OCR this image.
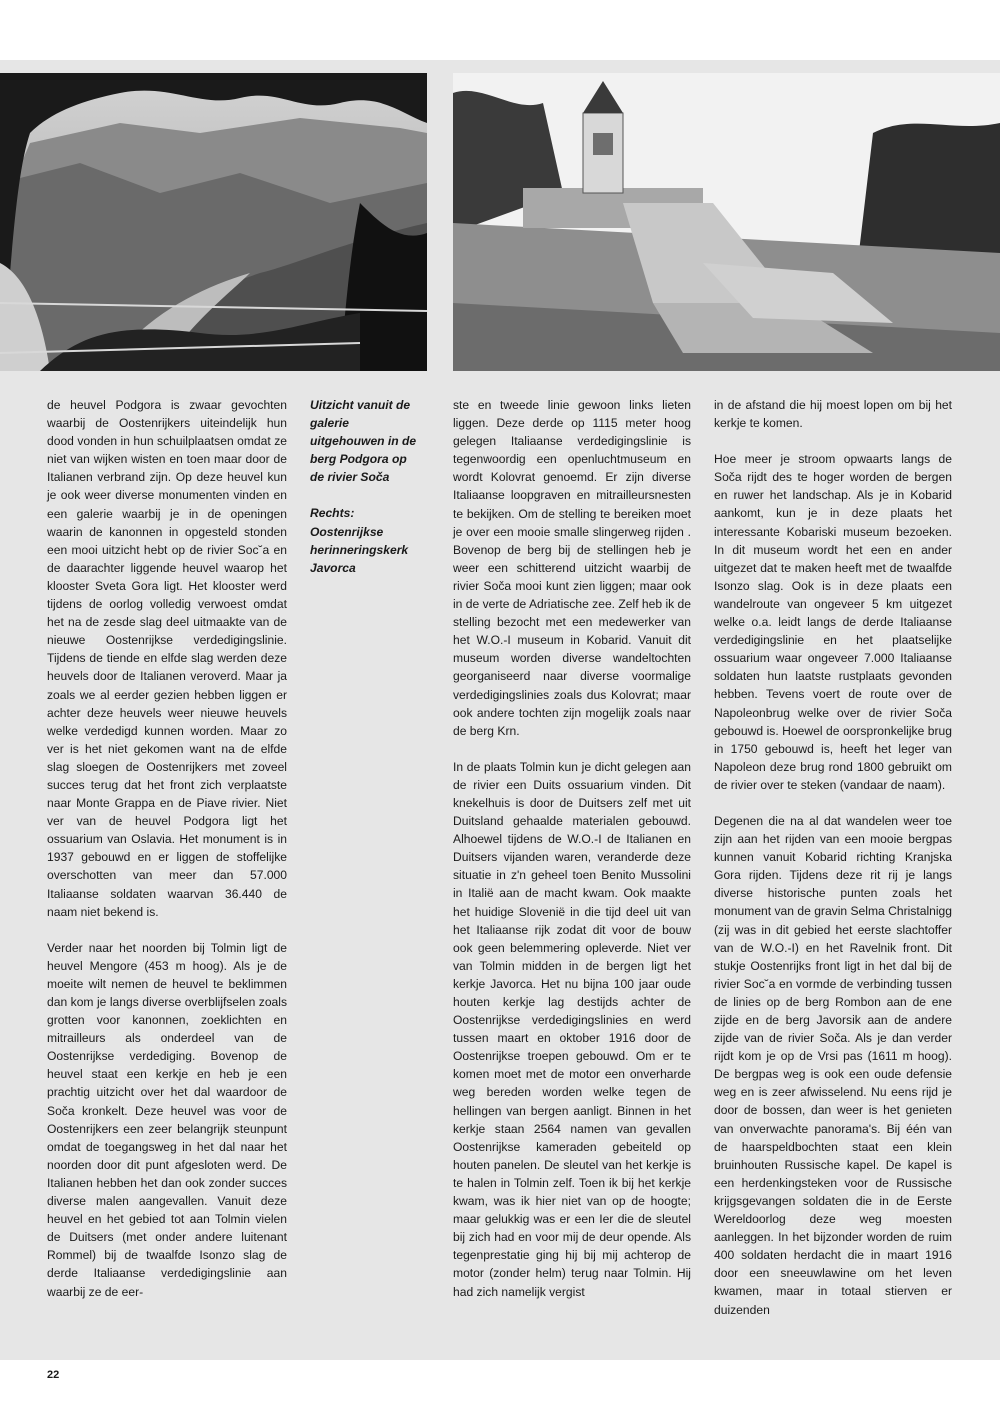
de heuvel Podgora is zwaar gevochten waarbij de Oostenrijkers uiteindelijk hun dood vonden in hun schuilplaatsen omdat ze niet van wijken wisten en toen maar door de Italianen verbrand zijn. Op deze heuvel kun je ook weer diverse monumenten vinden en een galerie waarbij je in de openingen waarin de kanonnen in opgesteld stonden een mooi uitzicht hebt op de rivier Soc˘a en de daarachter liggende heuvel waarop het klooster Sveta Gora ligt. Het klooster werd tijdens de oorlog volledig verwoest omdat het na de zesde slag deel uitmaakte van de nieuwe Oostenrijkse verdedigingslinie. Tijdens de tiende en elfde slag werden deze heuvels door de Italianen veroverd. Maar ja zoals we al eerder gezien hebben liggen er achter deze heuvels weer nieuwe heuvels welke verdedigd kunnen worden. Maar zo ver is het niet gekomen want na de elfde slag sloegen de Oostenrijkers met zoveel succes terug dat het front zich verplaatste naar Monte Grappa en de Piave rivier. Niet ver van de heuvel Podgora ligt het ossuarium van Oslavia. Het monument is in 1937 gebouwd en er liggen de stoffelijke overschotten van meer dan 57.000 Italiaanse soldaten waarvan 36.440 de naam niet bekend is.

Verder naar het noorden bij Tolmin ligt de heuvel Mengore (453 m hoog). Als je de moeite wilt nemen de heuvel te beklimmen dan kom je langs diverse overblijfselen zoals grotten voor kanonnen, zoeklichten en mitrailleurs als onderdeel van de Oostenrijkse verdediging. Bovenop de heuvel staat een kerkje en heb je een prachtig uitzicht over het dal waardoor de Soča kronkelt. Deze heuvel was voor de Oostenrijkers een zeer belangrijk steunpunt omdat de toegangsweg in het dal naar het noorden door dit punt afgesloten werd. De Italianen hebben het dan ook zonder succes diverse malen aangevallen. Vanuit deze heuvel en het gebied tot aan Tolmin vielen de Duitsers (met onder andere luitenant Rommel) bij de twaalfde Isonzo slag de derde Italiaanse verdedigingslinie aan waarbij ze de eer-

Uitzicht vanuit de galerie uitgehouwen in de berg Podgora op de rivier Soča

Rechts: Oostenrijkse herinneringskerk Javorca

ste en tweede linie gewoon links lieten liggen. Deze derde op 1115 meter hoog gelegen Italiaanse verdedigingslinie is tegenwoordig een openluchtmuseum en wordt Kolovrat genoemd. Er zijn diverse Italiaanse loopgraven en mitrailleursnesten te bekijken. Om de stelling te bereiken moet je over een mooie smalle slingerweg rijden . Bovenop de berg bij de stellingen heb je weer een schitterend uitzicht waarbij de rivier Soča mooi kunt zien liggen; maar ook in de verte de Adriatische zee. Zelf heb ik de stelling bezocht met een medewerker van het W.O.-I museum in Kobarid. Vanuit dit museum worden diverse wandeltochten georganiseerd naar diverse voormalige verdedigingslinies zoals dus Kolovrat; maar ook andere tochten zijn mogelijk zoals naar de berg Krn.

In de plaats Tolmin kun je dicht gelegen aan de rivier een Duits ossuarium vinden. Dit knekelhuis is door de Duitsers zelf met uit Duitsland gehaalde materialen gebouwd. Alhoewel tijdens de W.O.-I de Italianen en Duitsers vijanden waren, veranderde deze situatie in z'n geheel toen Benito Mussolini in Italië aan de macht kwam. Ook maakte het huidige Slovenië in die tijd deel uit van het Italiaanse rijk zodat dit voor de bouw ook geen belemmering opleverde. Niet ver van Tolmin midden in de bergen ligt het kerkje Javorca. Het nu bijna 100 jaar oude houten kerkje lag destijds achter de Oostenrijkse verdedigingslinies en werd tussen maart en oktober 1916 door de Oostenrijkse troepen gebouwd. Om er te komen moet met de motor een onverharde weg bereden worden welke tegen de hellingen van bergen aanligt. Binnen in het kerkje staan 2564 namen van gevallen Oostenrijkse kameraden gebeiteld op houten panelen. De sleutel van het kerkje is te halen in Tolmin zelf. Toen ik bij het kerkje kwam, was ik hier niet van op de hoogte; maar gelukkig was er een Ier die de sleutel bij zich had en voor mij de deur opende. Als tegenprestatie ging hij bij mij achterop de motor (zonder helm) terug naar Tolmin. Hij had zich namelijk vergist

in de afstand die hij moest lopen om bij het kerkje te komen.

Hoe meer je stroom opwaarts langs de Soča rijdt des te hoger worden de bergen en ruwer het landschap. Als je in Kobarid aankomt, kun je in deze plaats het interessante Kobariski museum bezoeken. In dit museum wordt het een en ander uitgezet dat te maken heeft met de twaalfde Isonzo slag. Ook is in deze plaats een wandelroute van ongeveer 5 km uitgezet welke o.a. leidt langs de derde Italiaanse verdedigingslinie en het plaatselijke ossuarium waar ongeveer 7.000 Italiaanse soldaten hun laatste rustplaats gevonden hebben. Tevens voert de route over de Napoleonbrug welke over de rivier Soča gebouwd is. Hoewel de oorspronkelijke brug in 1750 gebouwd is, heeft het leger van Napoleon deze brug rond 1800 gebruikt om de rivier over te steken (vandaar de naam).

Degenen die na al dat wandelen weer toe zijn aan het rijden van een mooie bergpas kunnen vanuit Kobarid richting Kranjska Gora rijden. Tijdens deze rit rij je langs diverse historische punten zoals het monument van de gravin Selma Christalnigg (zij was in dit gebied het eerste slachtoffer van de W.O.-I) en het Ravelnik front. Dit stukje Oostenrijks front ligt in het dal bij de rivier Soc˘a en vormde de verbinding tussen de linies op de berg Rombon aan de ene zijde en de berg Javorsik aan de andere zijde van de rivier Soča. Als je dan verder rijdt kom je op de Vrsi pas (1611 m hoog). De bergpas weg is ook een oude defensie weg en is zeer afwisselend. Nu eens rijd je door de bossen, dan weer is het genieten van onverwachte panorama's. Bij één van de haarspeldbochten staat een klein bruinhouten Russische kapel. De kapel is een herdenkingsteken voor de Russische krijgsgevangen soldaten die in de Eerste Wereldoorlog deze weg moesten aanleggen. In het bijzonder worden de ruim 400 soldaten herdacht die in maart 1916 door een sneeuwlawine om het leven kwamen, maar in totaal stierven er duizenden

22
